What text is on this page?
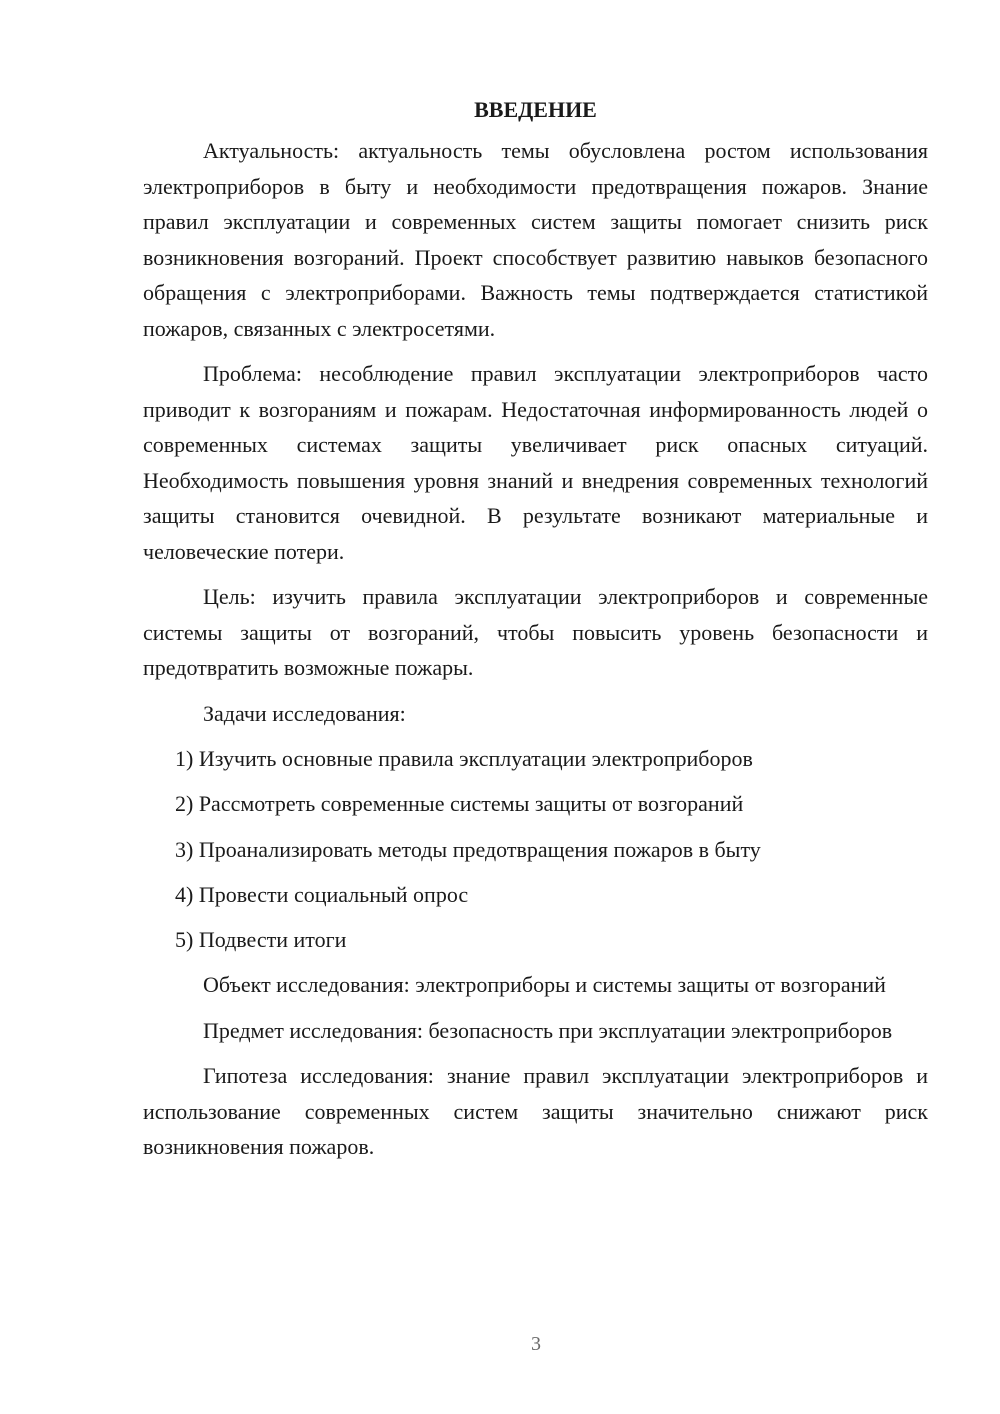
ВВЕДЕНИЕ

Актуальность: актуальность темы обусловлена ростом использования электроприборов в быту и необходимости предотвращения пожаров. Знание правил эксплуатации и современных систем защиты помогает снизить риск возникновения возгораний. Проект способствует развитию навыков безопасного обращения с электроприборами. Важность темы подтверждается статистикой пожаров, связанных с электросетями.

Проблема: несоблюдение правил эксплуатации электроприборов часто приводит к возгораниям и пожарам. Недостаточная информированность людей о современных системах защиты увеличивает риск опасных ситуаций. Необходимость повышения уровня знаний и внедрения современных технологий защиты становится очевидной. В результате возникают материальные и человеческие потери.

Цель: изучить правила эксплуатации электроприборов и современные системы защиты от возгораний, чтобы повысить уровень безопасности и предотвратить возможные пожары.

Задачи исследования:

1) Изучить основные правила эксплуатации электроприборов
2) Рассмотреть современные системы защиты от возгораний
3) Проанализировать методы предотвращения пожаров в быту
4) Провести социальный опрос
5) Подвести итоги

Объект исследования: электроприборы и системы защиты от возгораний

Предмет исследования: безопасность при эксплуатации электроприборов

Гипотеза исследования: знание правил эксплуатации электроприборов и использование современных систем защиты значительно снижают риск возникновения пожаров.

3
